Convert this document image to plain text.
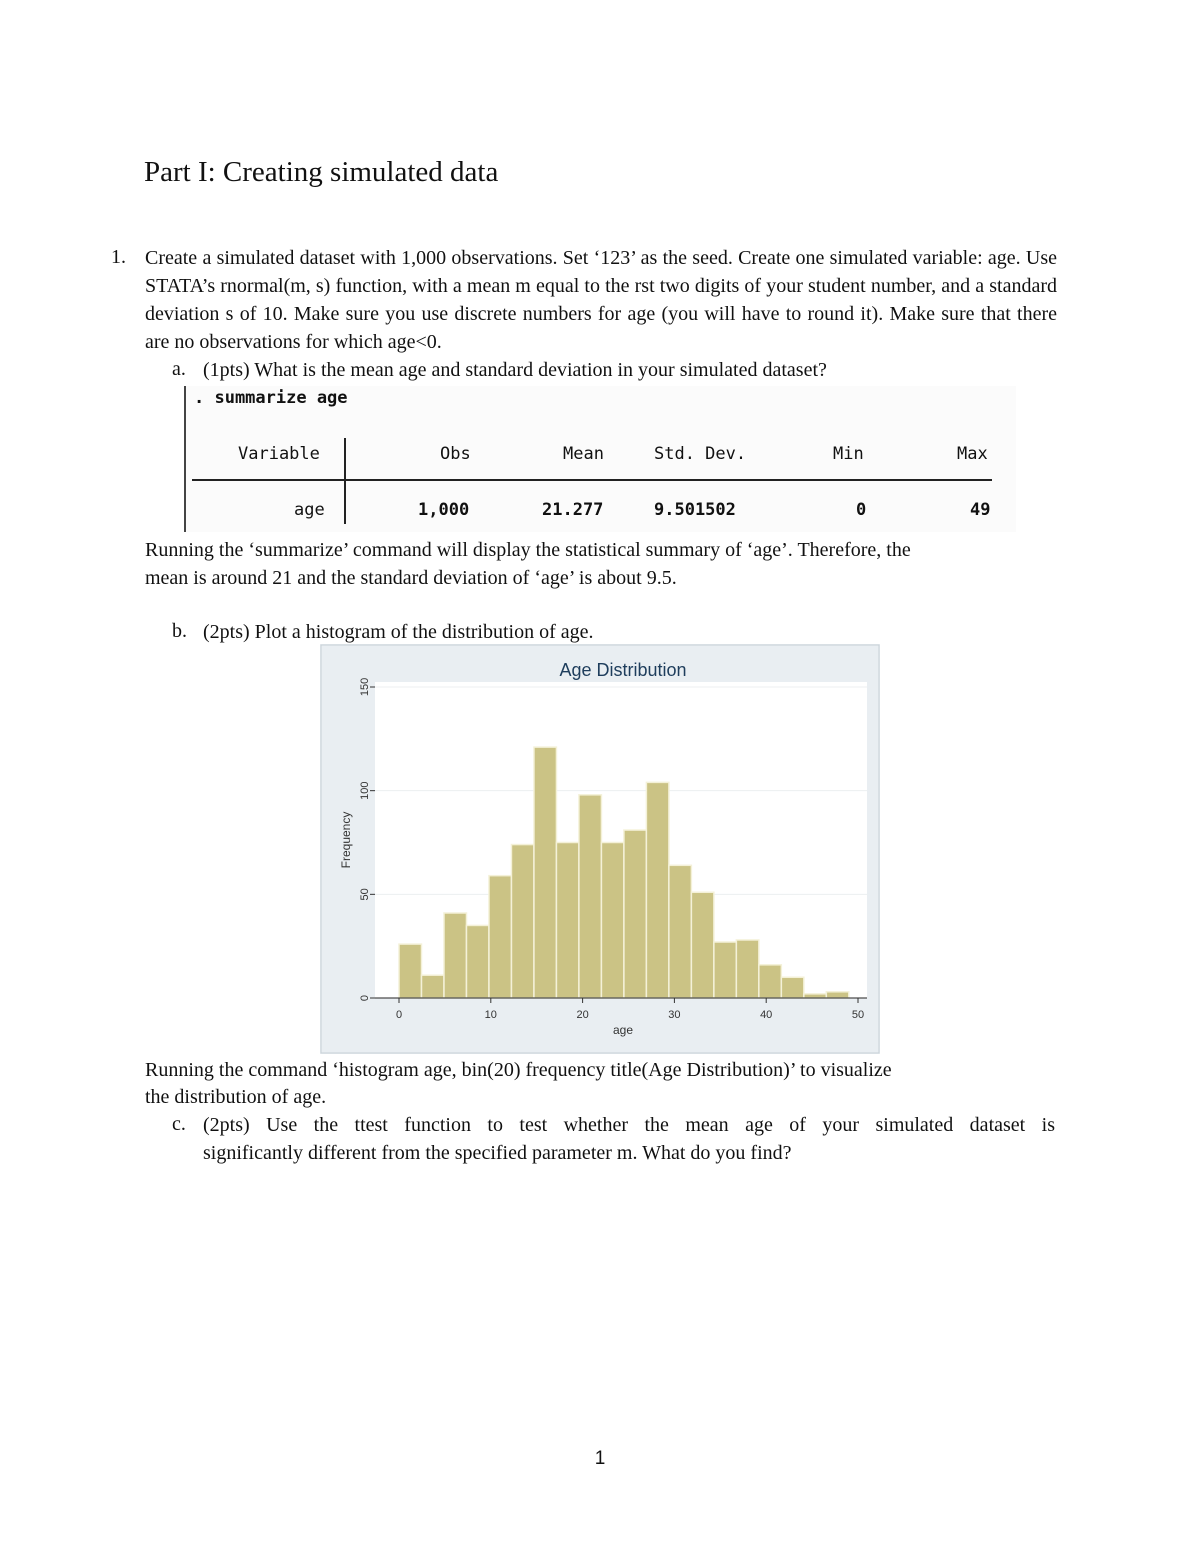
Part I: Creating simulated data
1. Create a simulated dataset with 1,000 observations. Set ‘123’ as the seed. Create one simulated variable: age. Use STATA’s rnormal(m, s) function, with a mean m equal to the rst two digits of your student number, and a standard deviation s of 10. Make sure you use discrete numbers for age (you will have to round it). Make sure that there are no observations for which age<0.
a. (1pts) What is the mean age and standard deviation in your simulated dataset?
. summarize age
Variable	Obs	Mean	Std. Dev.	Min	Max
age	1,000	21.277	9.501502	0	49
Running the ‘summarize’ command will display the statistical summary of ‘age’. Therefore, the
mean is around 21 and the standard deviation of ‘age’ is about 9.5.
b. (2pts) Plot a histogram of the distribution of age.
Age Distribution
0	10	20	30	40	50
0
50
100
150
age
Frequency
Running the command ‘histogram age, bin(20) frequency title(Age Distribution)’ to visualize
the distribution of age.
c. (2pts) Use the ttest function to test whether the mean age of your simulated dataset is
significantly different from the specified parameter m. What do you find?
1
